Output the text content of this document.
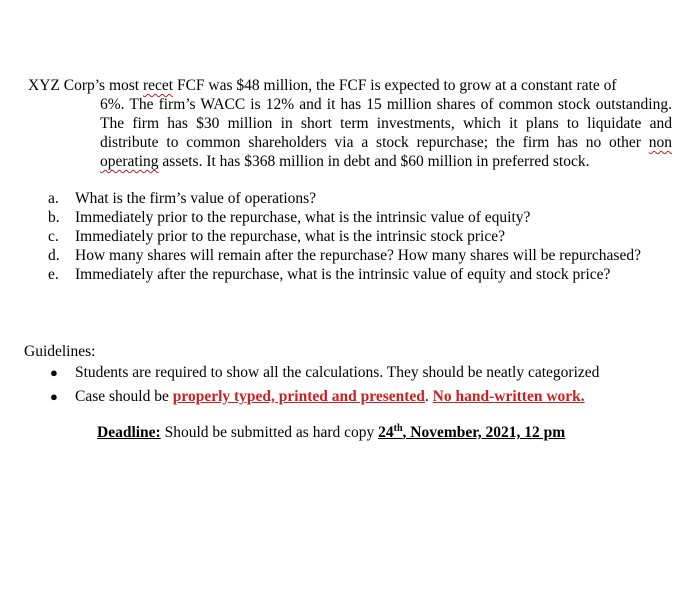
XYZ Corp’s most recet FCF was $48 million, the FCF is expected to grow at a constant rate of
6%. The firm’s WACC is 12% and it has 15 million shares of common stock outstanding. The firm has $30 million in short term investments, which it plans to liquidate and distribute to common shareholders via a stock repurchase; the firm has no other non operating assets. It has $368 million in debt and $60 million in preferred stock.
a.	What is the firm’s value of operations?
b. Immediately prior to the repurchase, what is the intrinsic value of equity?
c.	Immediately prior to the repurchase, what is the intrinsic stock price?
d. How many shares will remain after the repurchase? How many shares will be repurchased?
e.	Immediately after the repurchase, what is the intrinsic value of equity and stock price?
Guidelines:
●	Students are required to show all the calculations. They should be neatly categorized
●	Case should be properly typed, printed and presented. No hand-written work.
Deadline: Should be submitted as hard copy 24th, November, 2021, 12 pm
